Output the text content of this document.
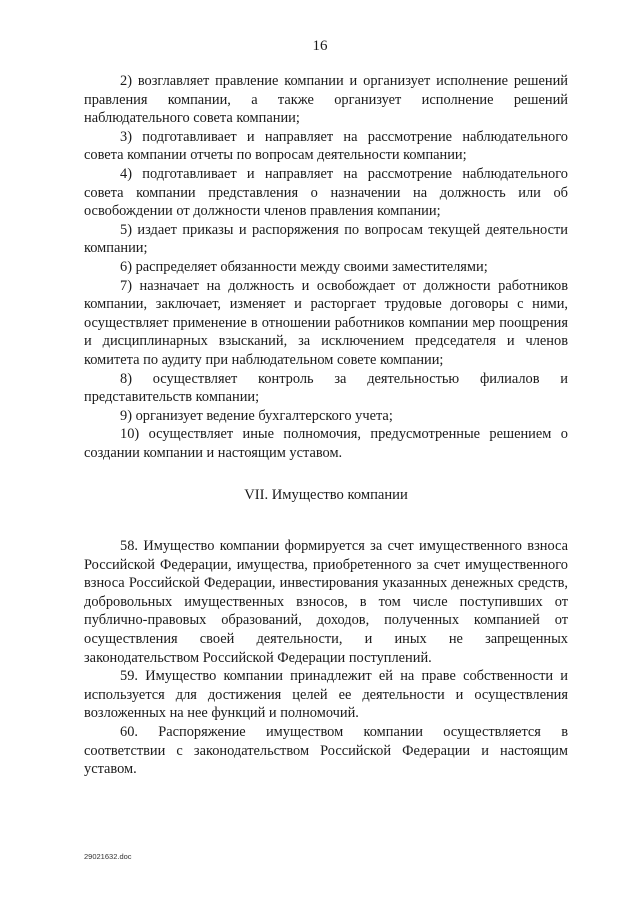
16

2) возглавляет правление компании и организует исполнение решений правления компании, а также организует исполнение решений наблюдательного совета компании;

3) подготавливает и направляет на рассмотрение наблюдательного совета компании отчеты по вопросам деятельности компании;

4) подготавливает и направляет на рассмотрение наблюдательного совета компании представления о назначении на должность или об освобождении от должности членов правления компании;

5) издает приказы и распоряжения по вопросам текущей деятельности компании;

6) распределяет обязанности между своими заместителями;

7) назначает на должность и освобождает от должности работников компании, заключает, изменяет и расторгает трудовые договоры с ними, осуществляет применение в отношении работников компании мер поощрения и дисциплинарных взысканий, за исключением председателя и членов комитета по аудиту при наблюдательном совете компании;

8) осуществляет контроль за деятельностью филиалов и представительств компании;

9) организует ведение бухгалтерского учета;

10) осуществляет иные полномочия, предусмотренные решением о создании компании и настоящим уставом.

VII. Имущество компании

58. Имущество компании формируется за счет имущественного взноса Российской Федерации, имущества, приобретенного за счет имущественного взноса Российской Федерации, инвестирования указанных денежных средств, добровольных имущественных взносов, в том числе поступивших от публично-правовых образований, доходов, полученных компанией от осуществления своей деятельности, и иных не запрещенных законодательством Российской Федерации поступлений.

59. Имущество компании принадлежит ей на праве собственности и используется для достижения целей ее деятельности и осуществления возложенных на нее функций и полномочий.

60. Распоряжение имуществом компании осуществляется в соответствии с законодательством Российской Федерации и настоящим уставом.

29021632.doc
